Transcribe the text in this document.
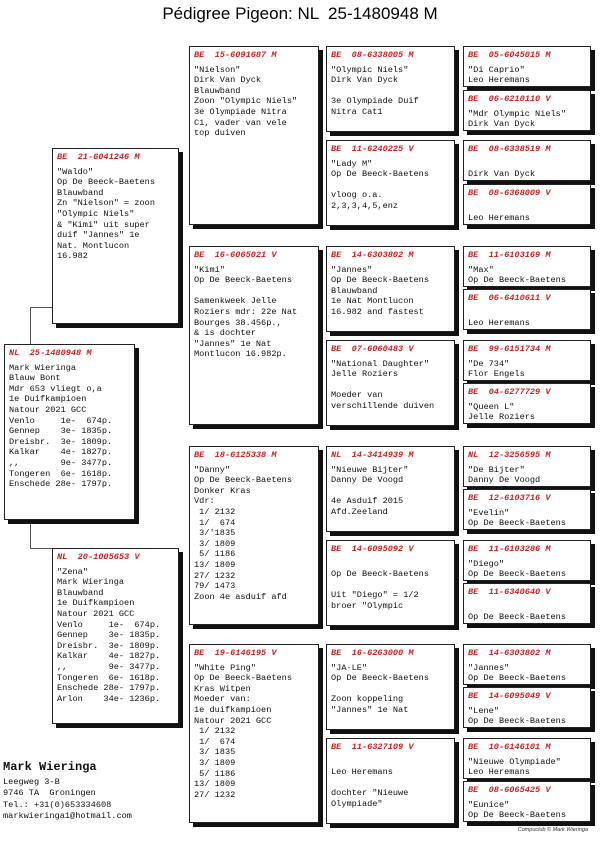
Pédigree Pigeon: NL  25-1480948 M
NL  25-1480948 M
Mark Wieringa
Blauw Bont
Mdr 653 vliegt o,a
1e Duifkampioen
Natour 2021 GCC
Venlo     1e-  674p.
Gennep    3e- 1835p.
Dreisbr.  3e- 1809p.
Kalkar    4e- 1827p.
,,        9e- 3477p.
Tongeren  6e- 1618p.
Enschede 28e- 1797p.
BE  21-6041246 M
"Waldo"
Op De Beeck-Baetens
Blauwband
Zn "Nielson" = zoon
"Olympic Niels"
& "Kimi" uit super
duif "Jannes" 1e
Nat. Montlucon
16.982
NL  20-1005653 V
"Zena"
Mark Wieringa
Blauwband
1e Duifkampioen
Natour 2021 GCC
Venlo     1e-  674p.
Gennep    3e- 1835p.
Dreisbr.  3e- 1809p.
Kalkar    4e- 1827p.
,,        9e- 3477p.
Tongeren  6e- 1618p.
Enschede 28e- 1797p.
Arlon    34e- 1236p.
BE  15-6091687 M
"Nielson"
Dirk Van Dyck
Blauwband
Zoon "Olympic Niels"
3e Olympiade Nitra
C1, vader van vele
top duiven
BE  16-6065021 V
"Kimi"
Op De Beeck-Baetens

Samenkweek Jelle
Roziers mdr: 22e Nat
Bourges 38.456p.,
& is dochter
"Jannes" 1e Nat
Montlucon 16.982p.
BE  18-6125338 M
"Danny"
Op De Beeck-Baetens
Donker Kras
Vdr:
1/ 2132
1/  674
3/'1835
3/ 1809
5/ 1186
13/ 1809
27/ 1232
79/ 1473
Zoon 4e asduif afd
BE  19-6146195 V
"White Ping"
Op De Beeck-Baetens
Kras Witpen
Moeder van:
1e duifkampioen
Natour 2021 GCC
1/ 2132
1/  674
3/ 1835
3/ 1809
5/ 1186
13/ 1809
27/ 1232
BE  08-6338005 M
"Olympic Niels"
Dirk Van Dyck

3e Olympiade Duif
Nitra Cat1
BE  11-6240225 V
"Lady M"
Op De Beeck-Baetens

vloog o.a.
2,3,3,4,5,enz
BE  14-6303802 M
"Jannes"
Op De Beeck-Baetens
Blauwband
1e Nat Montlucon
16.982 and fastest
BE  07-6060483 V
"National Daughter"
Jelle Roziers

Moeder van
verschillende duiven
NL  14-3414939 M
"Nieuwe Bijter"
Danny De Voogd

4e Asduif 2015
Afd.Zeeland
BE  14-6095092 V

Op De Beeck-Baetens

Uit "Diego" = 1/2
broer "Olympic
BE  16-6263000 M
"JA-LE"
Op De Beeck-Baetens

Zoon koppeling
"Jannes" 1e Nat
BE  11-6327109 V

Leo Heremans

dochter "Nieuwe
Olympiade"
BE  05-6045015 M
"Di Caprio"
Leo Heremans
BE  06-6210110 V
"Mdr Olympic Niels"
Dirk Van Dyck
BE  08-6338519 M

Dirk Van Dyck
BE  08-6368009 V

Leo Heremans
BE  11-6103169 M
"Max"
Op De Beeck-Baetens
BE  06-6410611 V

Leo Heremans
BE  99-6151734 M
"De 734"
Flor Engels
BE  04-6277729 V
"Queen L"
Jelle Roziers
NL  12-3256595 M
"De Bijter"
Danny De Voogd
BE  12-6103716 V
"Evelin"
Op De Beeck-Baetens
BE  11-6103286 M
"Diego"
Op De Beeck-Baetens
BE  11-6340640 V

Op De Beeck-Baetens
BE  14-6303802 M
"Jannes"
Op De Beeck-Baetens
BE  14-6095049 V
"Lene"
Op De Beeck-Baetens
BE  10-6146101 M
"Nieuwe Olympiade"
Leo Heremans
BE  08-6065425 V
"Eunice"
Op De Beeck-Baetens
Mark Wieringa
Leegweg 3-B
9746 TA  Groningen
Tel.: +31(0)653334608
markwieringa1@hotmail.com
Compuclub © Mark Wieringa
